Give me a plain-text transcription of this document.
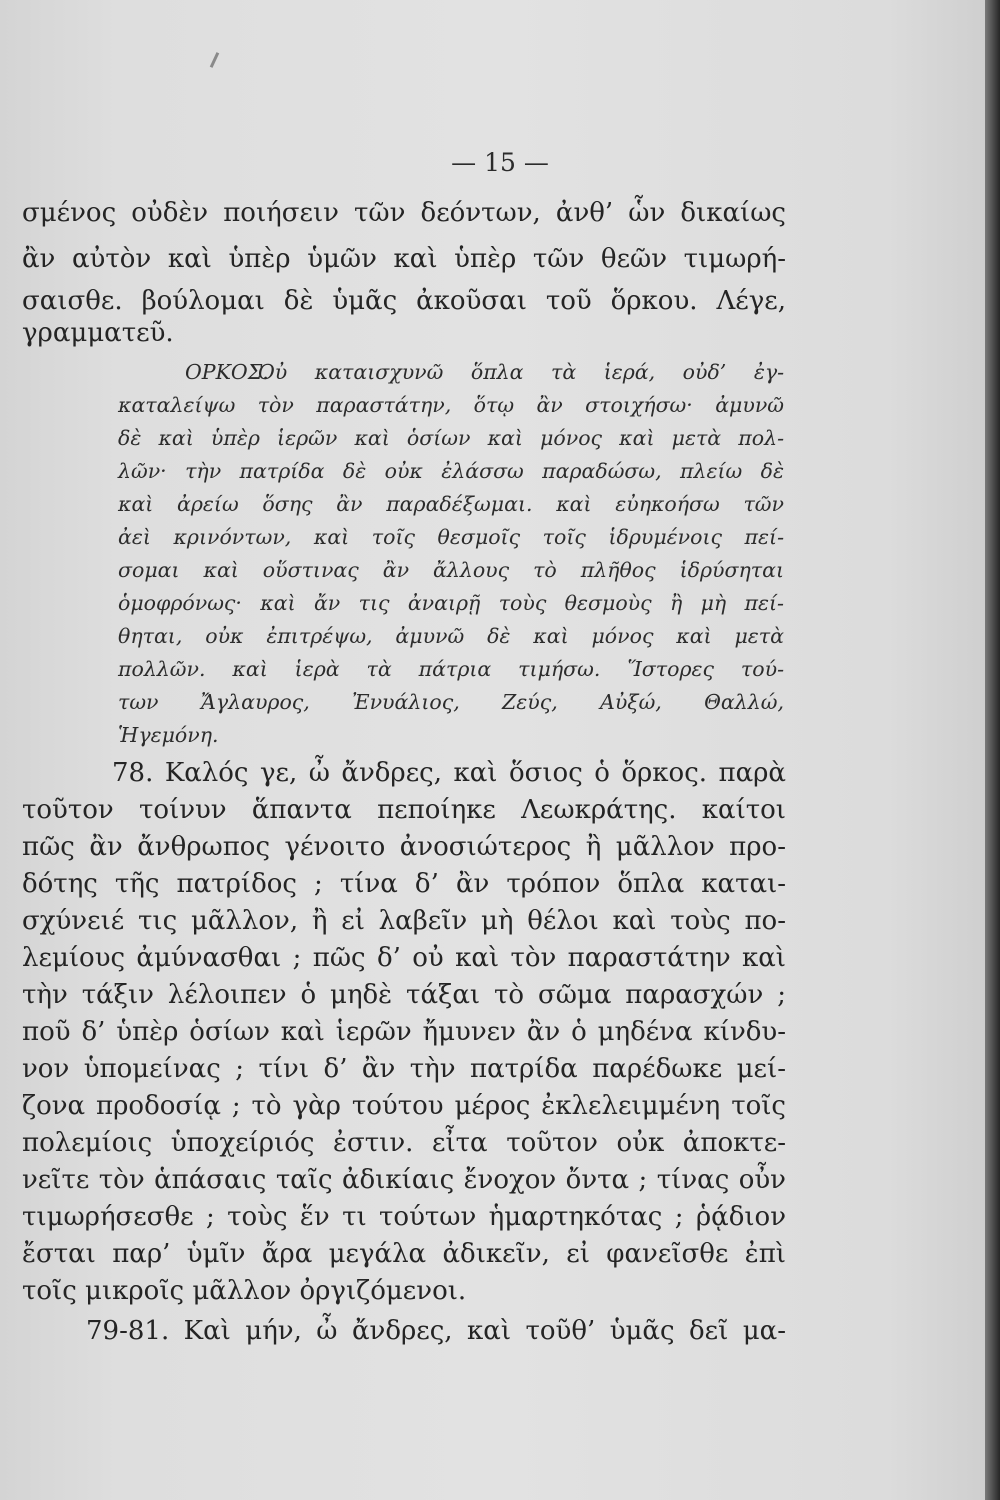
— 15 —
σμένος οὐδὲν ποιήσειν τῶν δεόντων, ἀνθ’ ὧν δικαίως
ἂν αὐτὸν καὶ ὑπὲρ ὑμῶν καὶ ὑπὲρ τῶν θεῶν τιμωρή-
σαισθε. βούλομαι δὲ ὑμᾶς ἀκοῦσαι τοῦ ὅρκου. Λέγε,
γραμματεῦ.
ΟΡΚΟΣ.
Οὐ καταισχυνῶ ὅπλα τὰ ἱερά, οὐδ’ ἐγ-
καταλείψω τὸν παραστάτην, ὅτῳ ἂν στοιχήσω· ἀμυνῶ
δὲ καὶ ὑπὲρ ἱερῶν καὶ ὁσίων καὶ μόνος καὶ μετὰ πολ-
λῶν· τὴν πατρίδα δὲ οὐκ ἐλάσσω παραδώσω, πλείω δὲ
καὶ ἀρείω ὅσης ἂν παραδέξωμαι. καὶ εὐηκοήσω τῶν
ἀεὶ κρινόντων, καὶ τοῖς θεσμοῖς τοῖς ἱδρυμένοις πεί-
σομαι καὶ οὕστινας ἂν ἄλλους τὸ πλῆθος ἱδρύσηται
ὁμοφρόνως· καὶ ἄν τις ἀναιρῇ τοὺς θεσμοὺς ἢ μὴ πεί-
θηται, οὐκ ἐπιτρέψω, ἀμυνῶ δὲ καὶ μόνος καὶ μετὰ
πολλῶν. καὶ ἱερὰ τὰ πάτρια τιμήσω. Ἵστορες τού-
των Ἄγλαυρος, Ἐνυάλιος, Ζεύς, Αὐξώ, Θαλλώ,
Ἡγεμόνη.
78. Καλός γε, ὦ ἄνδρες, καὶ ὅσιος ὁ ὅρκος. παρὰ
τοῦτον τοίνυν ἅπαντα πεποίηκε Λεωκράτης. καίτοι
πῶς ἂν ἄνθρωπος γένοιτο ἀνοσιώτερος ἢ μᾶλλον προ-
δότης τῆς πατρίδος ; τίνα δ’ ἂν τρόπον ὅπλα καται-
σχύνειέ τις μᾶλλον, ἢ εἰ λαβεῖν μὴ θέλοι καὶ τοὺς πο-
λεμίους ἀμύνασθαι ; πῶς δ’ οὐ καὶ τὸν παραστάτην καὶ
τὴν τάξιν λέλοιπεν ὁ μηδὲ τάξαι τὸ σῶμα παρασχών ;
ποῦ δ’ ὑπὲρ ὁσίων καὶ ἱερῶν ἤμυνεν ἂν ὁ μηδένα κίνδυ-
νον ὑπομείνας ; τίνι δ’ ἂν τὴν πατρίδα παρέδωκε μεί-
ζονα προδοσίᾳ ; τὸ γὰρ τούτου μέρος ἐκλελειμμένη τοῖς
πολεμίοις ὑποχείριός ἐστιν. εἶτα τοῦτον οὐκ ἀποκτε-
νεῖτε τὸν ἁπάσαις ταῖς ἀδικίαις ἔνοχον ὄντα ; τίνας οὖν
τιμωρήσεσθε ; τοὺς ἕν τι τούτων ἡμαρτηκότας ; ῥᾴδιον
ἔσται παρ’ ὑμῖν ἄρα μεγάλα ἀδικεῖν, εἰ φανεῖσθε ἐπὶ
τοῖς μικροῖς μᾶλλον ὀργιζόμενοι.
79-81. Καὶ μήν, ὦ ἄνδρες, καὶ τοῦθ’ ὑμᾶς δεῖ μα-
